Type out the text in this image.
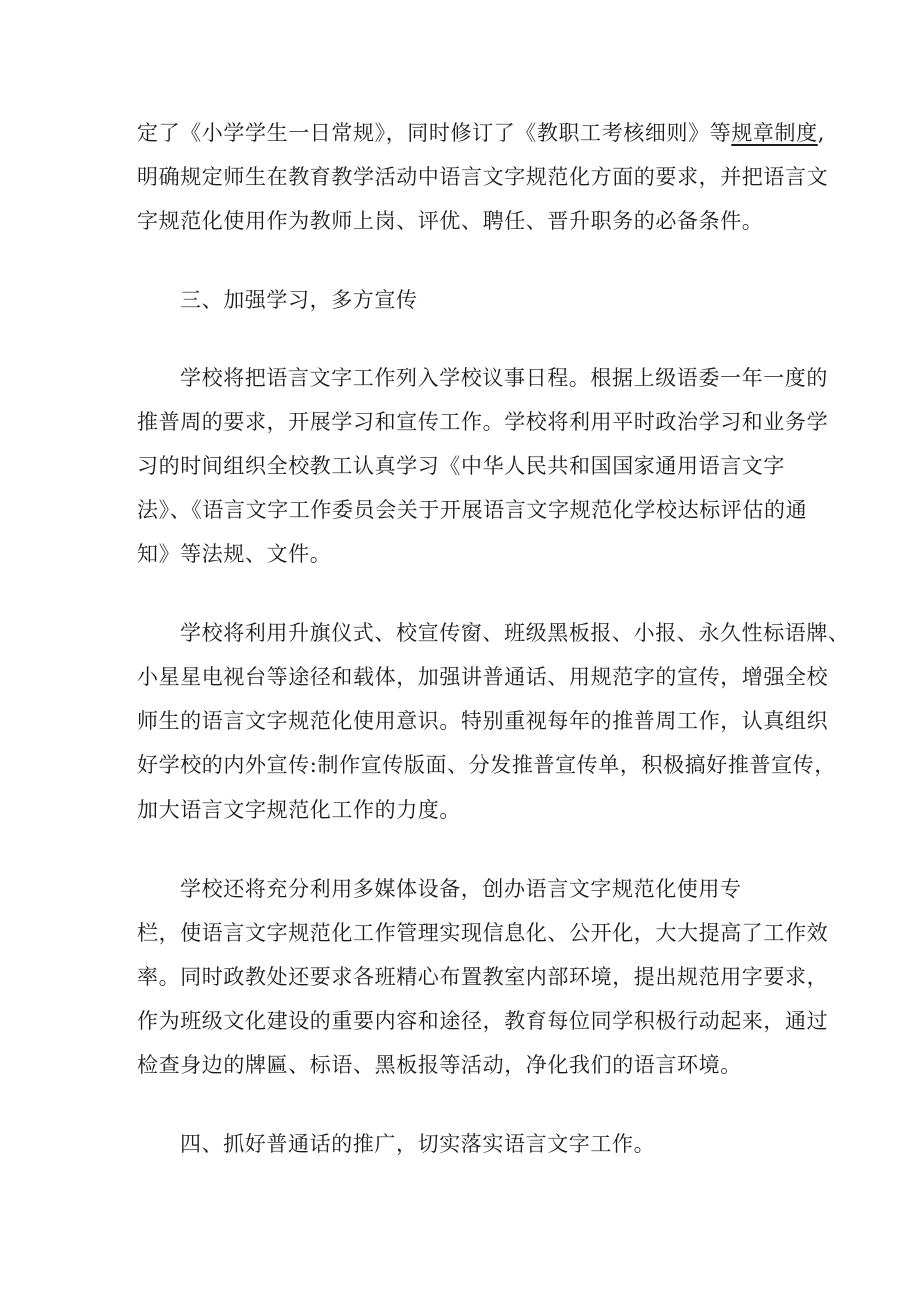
定了《小学学生一日常规》，同时修订了《教职工考核细则》等规章制度,
明确规定师生在教育教学活动中语言文字规范化方面的要求，并把语言文
字规范化使用作为教师上岗、评优、聘任、晋升职务的必备条件。
三、加强学习，多方宣传
学校将把语言文字工作列入学校议事日程。根据上级语委一年一度的
推普周的要求，开展学习和宣传工作。学校将利用平时政治学习和业务学
习的时间组织全校教工认真学习《中华人民共和国国家通用语言文字
法》、《语言文字工作委员会关于开展语言文字规范化学校达标评估的通
知》等法规、文件。
学校将利用升旗仪式、校宣传窗、班级黑板报、小报、永久性标语牌、
小星星电视台等途径和载体，加强讲普通话、用规范字的宣传，增强全校
师生的语言文字规范化使用意识。特别重视每年的推普周工作，认真组织
好学校的内外宣传:制作宣传版面、分发推普宣传单，积极搞好推普宣传，
加大语言文字规范化工作的力度。
学校还将充分利用多媒体设备，创办语言文字规范化使用专
栏，使语言文字规范化工作管理实现信息化、公开化，大大提高了工作效
率。同时政教处还要求各班精心布置教室内部环境，提出规范用字要求，
作为班级文化建设的重要内容和途径，教育每位同学积极行动起来，通过
检查身边的牌匾、标语、黑板报等活动，净化我们的语言环境。
四、抓好普通话的推广，切实落实语言文字工作。
